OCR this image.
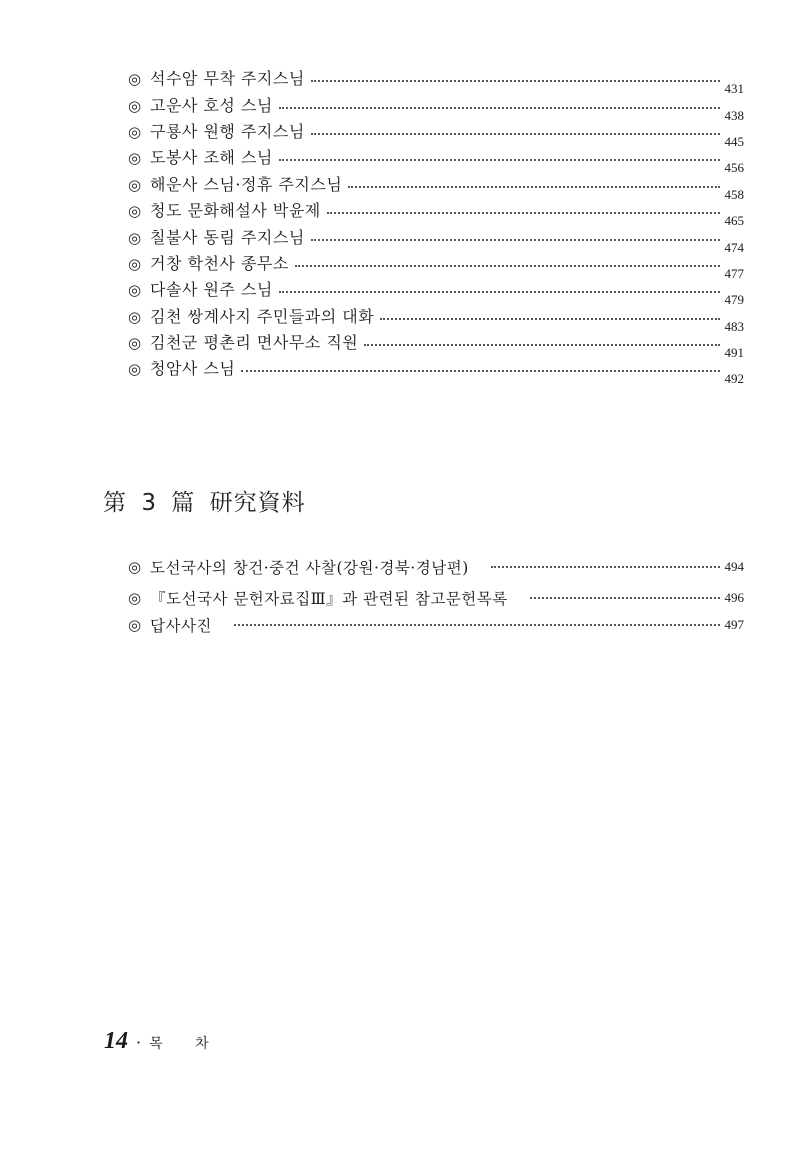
◎ 석수암 무착 주지스님
431
◎ 고운사 호성 스님
438
◎ 구룡사 원행 주지스님
445
◎ 도봉사 조해 스님
456
◎ 해운사 스님·정휴 주지스님
458
◎ 청도 문화해설사 박윤제
465
◎ 칠불사 동림 주지스님
474
◎ 거창 학천사 종무소
477
◎ 다솔사 원주 스님
479
◎ 김천 쌍계사지 주민들과의 대화
483
◎ 김천군 평촌리 면사무소 직원
491
◎ 청암사 스님
492
第 3 篇 研究資料
◎ 도선국사의 창건·중건 사찰(강원·경북·경남편)	494
◎ 『도선국사 문헌자료집Ⅲ』과 관련된 참고문헌목록	496
◎ 답사사진	497
14 · 목 차
